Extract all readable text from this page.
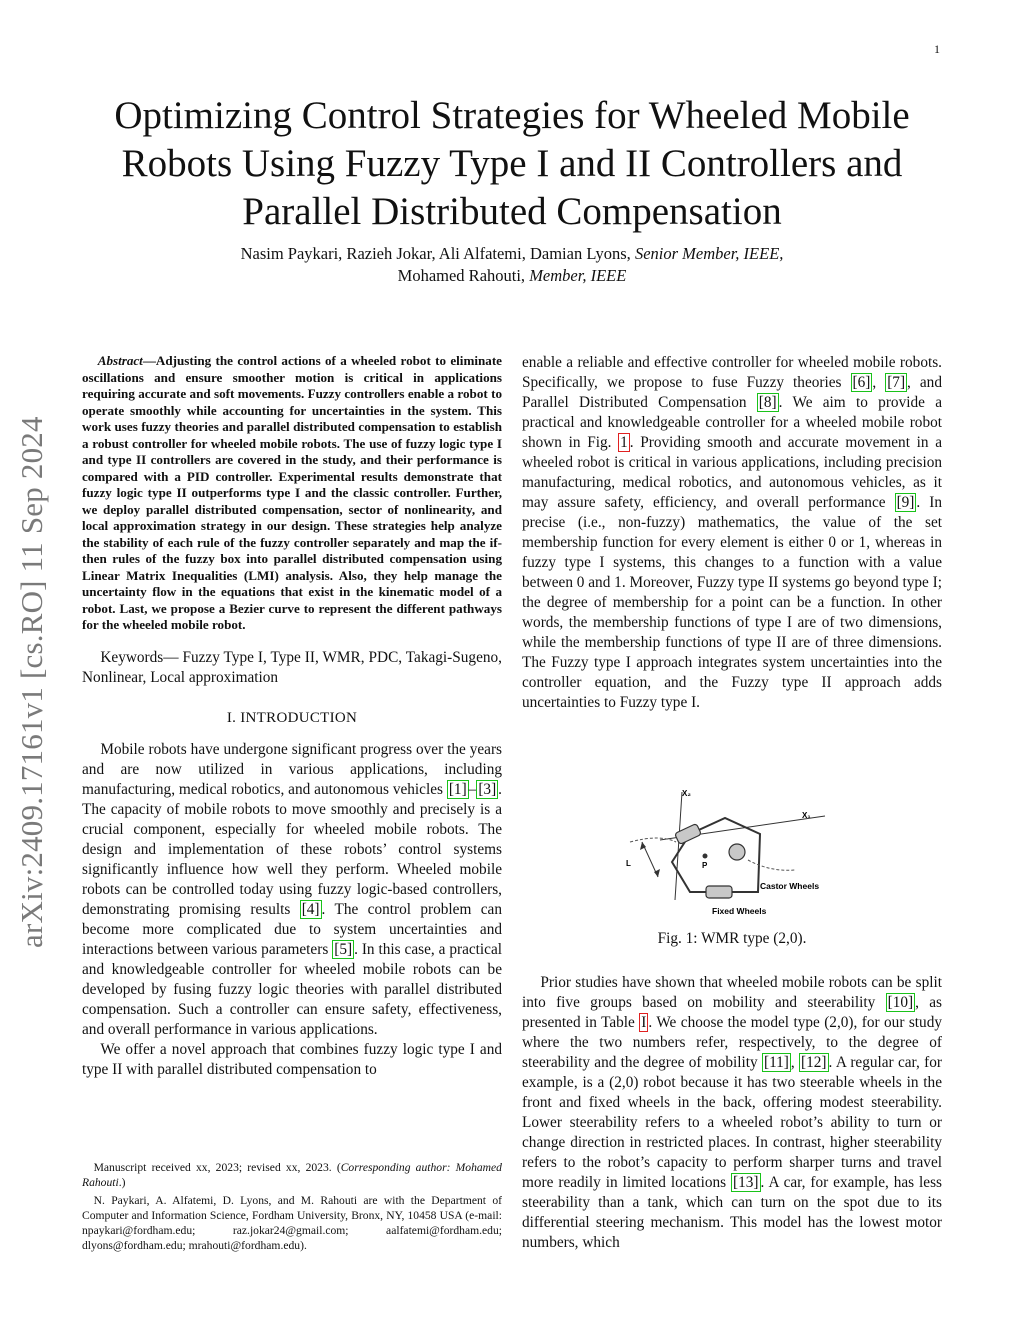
1
Optimizing Control Strategies for Wheeled Mobile
Robots Using Fuzzy Type I and II Controllers and
Parallel Distributed Compensation
Nasim Paykari, Razieh Jokar, Ali Alfatemi, Damian Lyons, Senior Member, IEEE,
Mohamed Rahouti, Member, IEEE
arXiv:2409.17161v1 [cs.RO] 11 Sep 2024

Abstract—Adjusting the control actions of a wheeled robot to eliminate oscillations and ensure smoother motion is critical in applications requiring accurate and soft movements. Fuzzy controllers enable a robot to operate smoothly while accounting for uncertainties in the system. This work uses fuzzy theories and parallel distributed compensation to establish a robust controller for wheeled mobile robots. The use of fuzzy logic type I and type II controllers are covered in the study, and their performance is compared with a PID controller. Experimental results demonstrate that fuzzy logic type II outperforms type I and the classic controller. Further, we deploy parallel distributed compensation, sector of nonlinearity, and local approximation strategy in our design. These strategies help analyze the stability of each rule of the fuzzy controller separately and map the if-then rules of the fuzzy box into parallel distributed compensation using Linear Matrix Inequalities (LMI) analysis. Also, they help manage the uncertainty flow in the equations that exist in the kinematic model of a robot. Last, we propose a Bezier curve to represent the different pathways for the wheeled mobile robot.

Keywords— Fuzzy Type I, Type II, WMR, PDC, Takagi-Sugeno, Nonlinear, Local approximation

I. INTRODUCTION

Mobile robots have undergone significant progress over the years and are now utilized in various applications, including manufacturing, medical robotics, and autonomous vehicles [1] – [3] . The capacity of mobile robots to move smoothly and precisely is a crucial component, especially for wheeled mobile robots. The design and implementation of these robots’ control systems significantly influence how well they perform. Wheeled mobile robots can be controlled today using fuzzy logic-based controllers, demonstrating promising results [4] . The control problem can become more complicated due to system uncertainties and interactions between various parameters [5] . In this case, a practical and knowledgeable controller for wheeled mobile robots can be developed by fusing fuzzy logic theories with parallel distributed compensation. Such a controller can ensure safety, effectiveness, and overall performance in various applications.

We offer a novel approach that combines fuzzy logic type I and type II with parallel distributed compensation to

Manuscript received xx, 2023; revised xx, 2023. (Corresponding author: Mohamed Rahouti.)

N. Paykari, A. Alfatemi, D. Lyons, and M. Rahouti are with the Department of Computer and Information Science, Fordham University, Bronx, NY, 10458 USA (e-mail: npaykari@fordham.edu; raz.jokar24@gmail.com; aalfatemi@fordham.edu; dlyons@fordham.edu; mrahouti@fordham.edu).

enable a reliable and effective controller for wheeled mobile robots. Specifically, we propose to fuse Fuzzy theories [6] , [7] , and Parallel Distributed Compensation [8] . We aim to provide a practical and knowledgeable controller for a wheeled mobile robot shown in Fig. 1 . Providing smooth and accurate movement in a wheeled robot is critical in various applications, including precision manufacturing, medical robotics, and autonomous vehicles, as it may assure safety, efficiency, and overall performance [9] . In precise (i.e., non-fuzzy) mathematics, the value of the set membership function for every element is either 0 or 1, whereas in fuzzy type I systems, this changes to a function with a value between 0 and 1. Moreover, Fuzzy type II systems go beyond type I; the degree of membership for a point can be a function. In other words, the membership functions of type I are of two dimensions, while the membership functions of type II are of three dimensions. The Fuzzy type I approach integrates system uncertainties into the controller equation, and the Fuzzy type II approach adds uncertainties to Fuzzy type I.

X₂
X₁
L	P
Castor Wheels
Fixed Wheels
Fig. 1: WMR type (2,0).

Prior studies have shown that wheeled mobile robots can be split into five groups based on mobility and steerability [10] , as presented in Table I . We choose the model type (2,0), for our study where the two numbers refer, respectively, to the degree of steerability and the degree of mobility [11] , [12] . A regular car, for example, is a (2,0) robot because it has two steerable wheels in the front and fixed wheels in the back, offering modest steerability. Lower steerability refers to a wheeled robot’s ability to turn or change direction in restricted places. In contrast, higher steerability refers to the robot’s capacity to perform sharper turns and travel more readily in limited locations [13] . A car, for example, has less steerability than a tank, which can turn on the spot due to its differential steering mechanism. This model has the lowest motor numbers, which
